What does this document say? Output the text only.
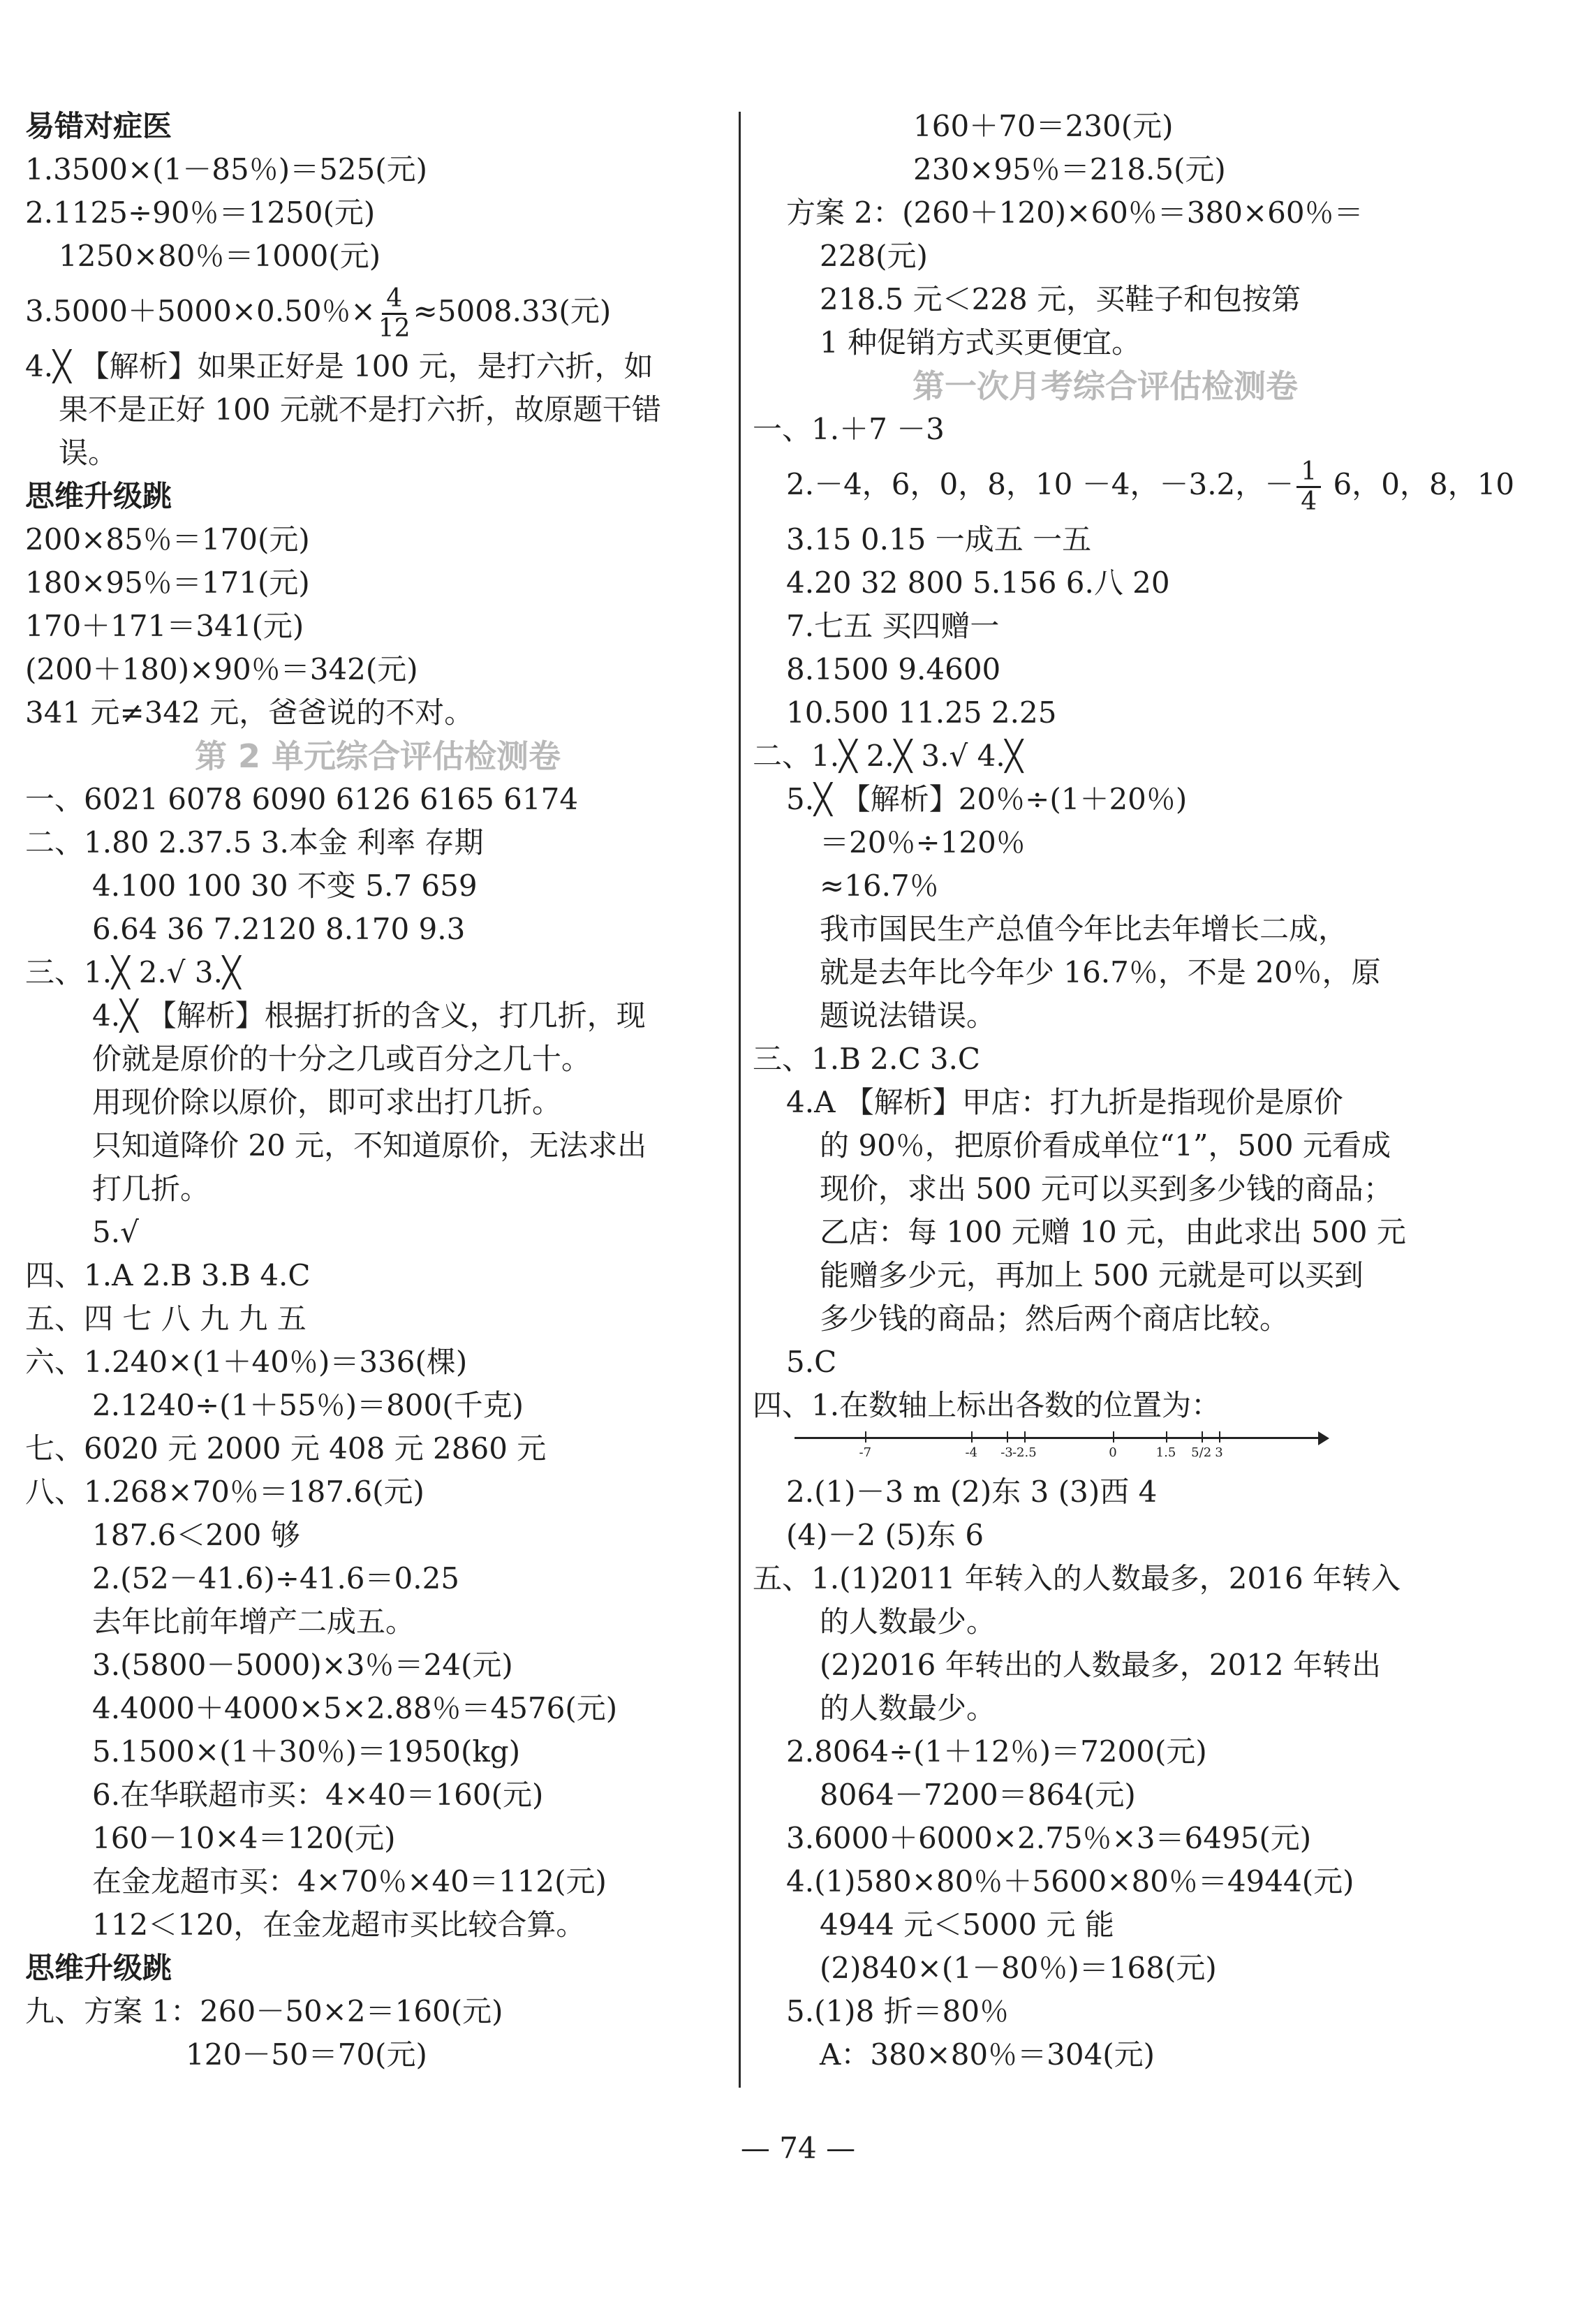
易错对症医
1.3500×(1－85％)＝525(元)
2.1125÷90％＝1250(元)
1250×80％＝1000(元)
3.5000＋5000×0.50％× $\frac{4}{12} \approx 5008.33$(元)
4.╳ 【解析】如果正好是 100 元，是打六折，如
果不是正好 100 元就不是打六折，故原题干错
误。
思维升级跳
200×85％＝170(元)
180×95％＝171(元)
170＋171＝341(元)
(200＋180)×90％＝342(元)
341 元≠342 元，爸爸说的不对。
第 2 单元综合评估检测卷
一、6021 6078 6090 6126 6165 6174
二、1.80 2.37.5 3.本金 利率 存期
4.100 100 30 不变 5.7 659
6.64 36 7.2120 8.170 9.3
三、1.╳ 2.√ 3.╳
4.╳ 【解析】根据打折的含义，打几折，现
价就是原价的十分之几或百分之几十。
用现价除以原价，即可求出打几折。
只知道降价 20 元，不知道原价，无法求出
打几折。
5.√
四、1.A 2.B 3.B 4.C
五、四 七 八 九 九 五
六、1.240×(1＋40％)＝336(棵)
2.1240÷(1＋55％)＝800(千克)
七、6020 元 2000 元 408 元 2860 元
八、1.268×70％＝187.6(元)
187.6＜200 够
2.(52－41.6)÷41.6＝0.25
去年比前年增产二成五。
3.(5800－5000)×3％＝24(元)
4.4000＋4000×5×2.88％＝4576(元)
5.1500×(1＋30％)＝1950(kg)
6.在华联超市买：4×40＝160(元)
160－10×4＝120(元)
在金龙超市买：4×70％×40＝112(元)
112＜120，在金龙超市买比较合算。
思维升级跳
九、方案 1：260－50×2＝160(元)
120－50＝70(元)
160＋70＝230(元)
230×95％＝218.5(元)
方案 2：(260＋120)×60％＝380×60％＝
228(元)
218.5 元＜228 元，买鞋子和包按第
1 种促销方式买更便宜。
第一次月考综合评估检测卷
一、1.＋7 －3
2.－4，6，0，8，10 －4，－3.2，－ $\frac{1}{4} 6$，0，8，10
3.15 0.15 一成五 一五
4.20 32 800 5.156 6.八 20
7.七五 买四赠一
8.1500 9.4600
10.500 11.25 2.25
二、1.╳ 2.╳ 3.√ 4.╳
5.╳ 【解析】20％÷(1＋20％)
＝20％÷120％
≈16.7％
我市国民生产总值今年比去年增长二成，
就是去年比今年少 16.7％，不是 20％，原
题说法错误。
三、1.B 2.C 3.C
4.A 【解析】甲店：打九折是指现价是原价
的 90％，把原价看成单位“1”，500 元看成
现价，求出 500 元可以买到多少钱的商品；
乙店：每 100 元赠 10 元，由此求出 500 元
能赠多少元，再加上 500 元就是可以买到
多少钱的商品；然后两个商店比较。
5.C
四、1.在数轴上标出各数的位置为：
-7	-4 -3 -2.5	0	1.5 5/2 3
2.(1)－3 m (2)东 3 (3)西 4
(4)－2 (5)东 6
五、1.(1)2011 年转入的人数最多，2016 年转入
的人数最少。
(2)2016 年转出的人数最多，2012 年转出
的人数最少。
2.8064÷(1＋12％)＝7200(元)
8064－7200＝864(元)
3.6000＋6000×2.75％×3＝6495(元)
4.(1)580×80％＋5600×80％＝4944(元)
4944 元＜5000 元 能
(2)840×(1－80％)＝168(元)
5.(1)8 折＝80％
A：380×80％＝304(元)
— 74 —
